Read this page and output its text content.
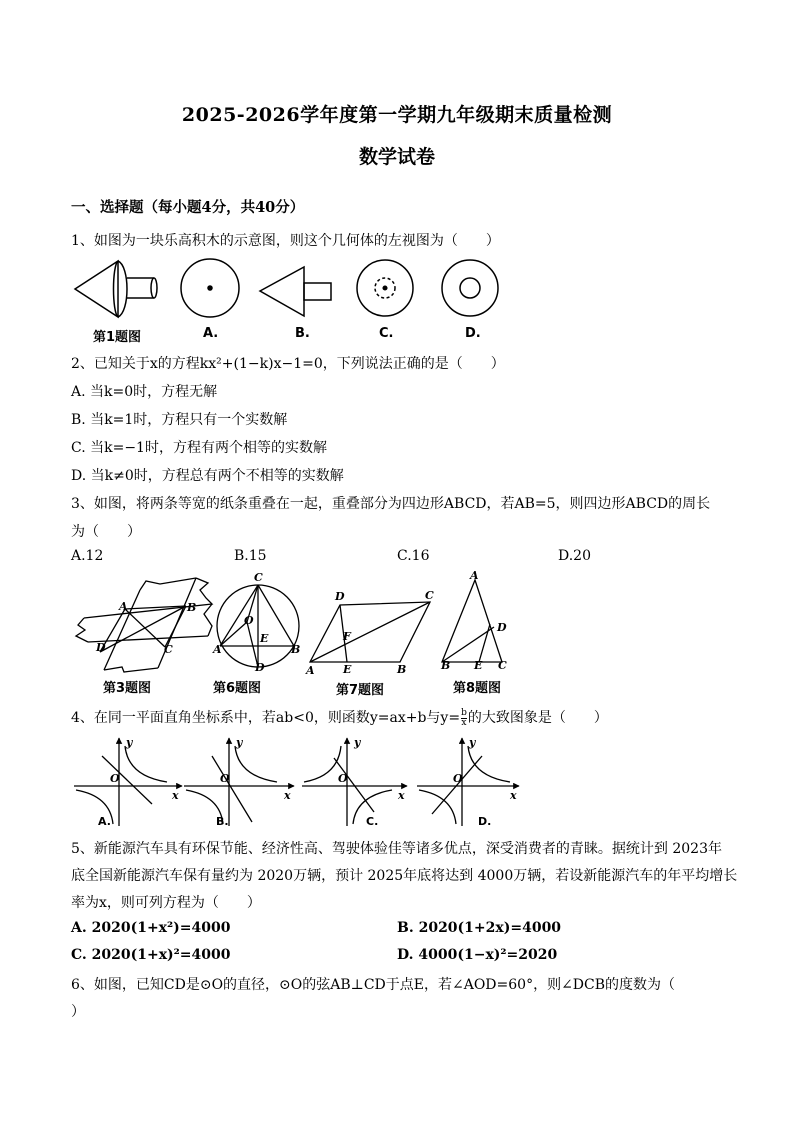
2025-2026学年度第一学期九年级期末质量检测
数学试卷
一、选择题（每小题4分，共40分）
1、如图为一块乐高积木的示意图，则这个几何体的左视图为（　　）
第1题图	A.	B.	C.	D.
2、已知关于x的方程kx²+(1−k)x−1=0，下列说法正确的是（　　）
A. 当k=0时，方程无解
B. 当k=1时，方程只有一个实数解
C. 当k=−1时，方程有两个相等的实数解
D. 当k≠0时，方程总有两个不相等的实数解
3、如图，将两条等宽的纸条重叠在一起，重叠部分为四边形ABCD，若AB=5，则四边形ABCD的周长
为（　　）
A.12	B.15	C.16	D.20
A	B
C
D
C
O
E
A	B
D
D	C
F
A	E	B
A
D
B E C
第3题图	第6题图	第7题图	第8题图
4、在同一平面直角坐标系中，若ab<0，则函数y=ax+b与$y= \frac{b}{x}$ 的大致图象是（　　）
y
O
x
y
O
x
y
O
x
y
O
x
A.	B.	C.	D.
5、新能源汽车具有环保节能、经济性高、驾驶体验佳等诸多优点，深受消费者的青睐。据统计到 2023年
底全国新能源汽车保有量约为 2020万辆，预计 2025年底将达到 4000万辆，若设新能源汽车的年平均增长
率为x，则可列方程为（　　）
A. 2020(1+x²)=4000	B. 2020(1+2x)=4000
C. 2020(1+x)²=4000	D. 4000(1−x)²=2020
6、如图，已知CD是⊙O的直径，⊙O的弦AB⊥CD于点E，若∠AOD=60°，则∠DCB的度数为（
）
